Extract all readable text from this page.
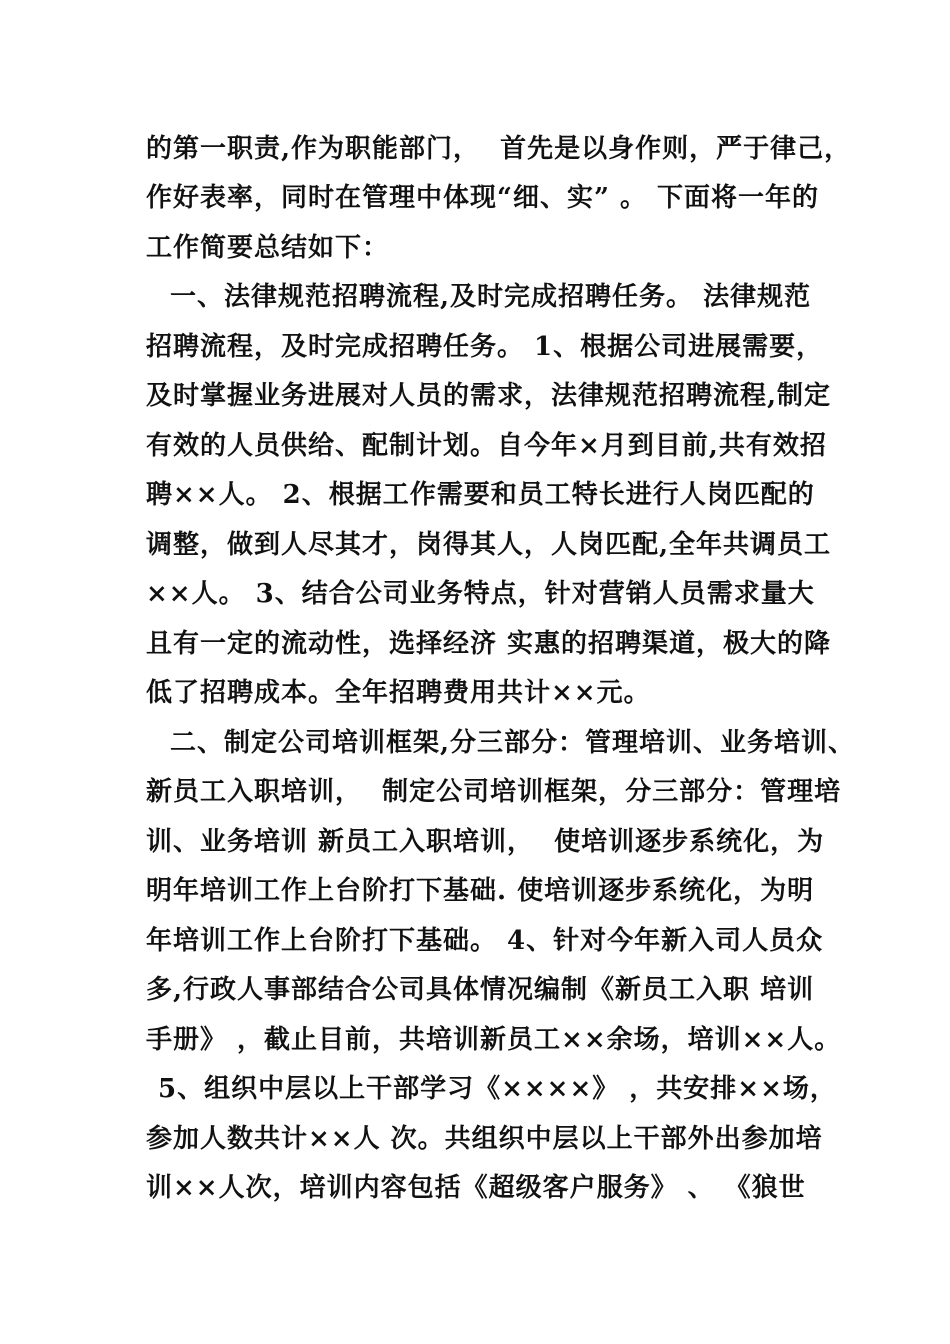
的第一职责,作为职能部门，  首先是以身作则，严于律己，
作好表率，同时在管理中体现“细、实” 。 下面将一年的
工作简要总结如下：
一、法律规范招聘流程,及时完成招聘任务。 法律规范
招聘流程，及时完成招聘任务。 1、根据公司进展需要，
及时掌握业务进展对人员的需求，法律规范招聘流程,制定
有效的人员供给、配制计划。自今年×月到目前,共有效招
聘××人。 2、根据工作需要和员工特长进行人岗匹配的
调整，做到人尽其才，岗得其人，人岗匹配,全年共调员工
××人。 3、结合公司业务特点，针对营销人员需求量大
且有一定的流动性，选择经济 实惠的招聘渠道，极大的降
低了招聘成本。全年招聘费用共计××元。
二、制定公司培训框架,分三部分：管理培训、业务培训、
新员工入职培训，  制定公司培训框架，分三部分：管理培
训、业务培训 新员工入职培训，  使培训逐步系统化，为
明年培训工作上台阶打下基础. 使培训逐步系统化，为明
年培训工作上台阶打下基础。 4、针对今年新入司人员众
多,行政人事部结合公司具体情况编制《新员工入职 培训
手册》 ，截止目前，共培训新员工××余场，培训××人。
5、组织中层以上干部学习《××××》 ，共安排××场，
参加人数共计××人 次。共组织中层以上干部外出参加培
训××人次，培训内容包括《超级客户服务》 、 《狼世
